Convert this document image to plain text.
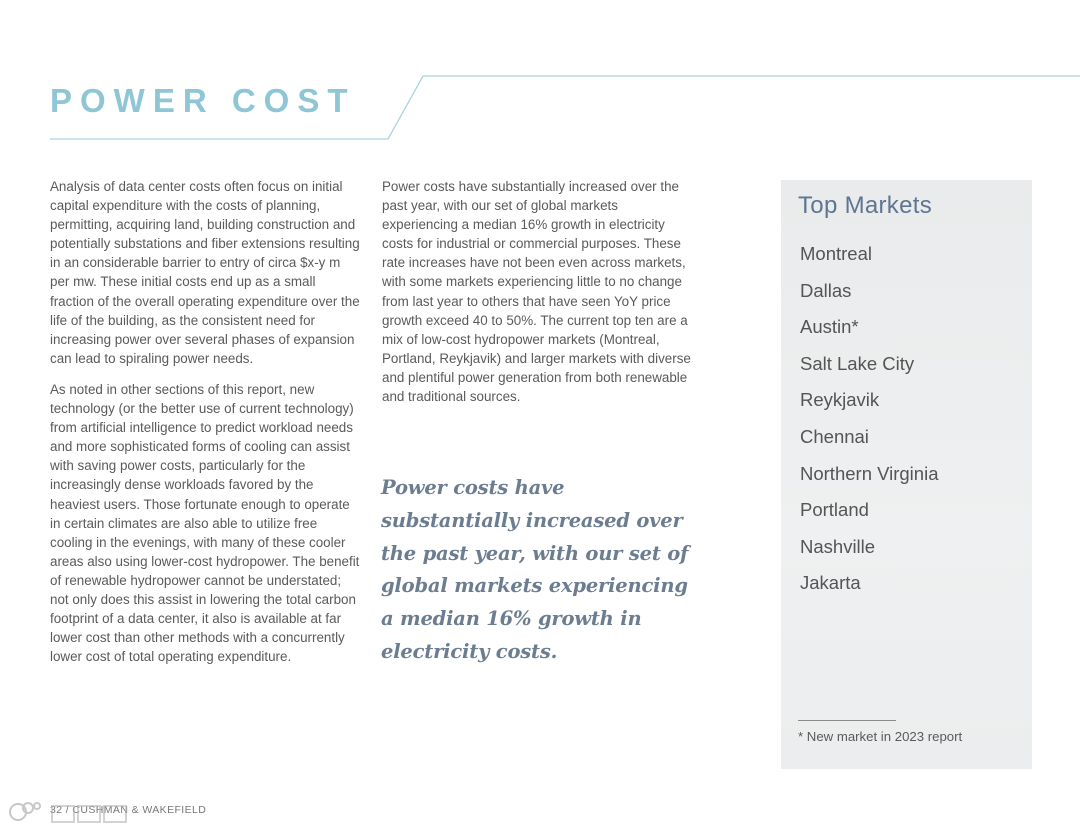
POWER COST

Analysis of data center costs often focus on initial capital expenditure with the costs of planning, permitting, acquiring land, building construction and potentially substations and fiber extensions resulting in an considerable barrier to entry of circa $x-y m per mw. These initial costs end up as a small fraction of the overall operating expenditure over the life of the building, as the consistent need for increasing power over several phases of expansion can lead to spiraling power needs.

As noted in other sections of this report, new technology (or the better use of current technology) from artificial intelligence to predict workload needs and more sophisticated forms of cooling can assist with saving power costs, particularly for the increasingly dense workloads favored by the heaviest users. Those fortunate enough to operate in certain climates are also able to utilize free cooling in the evenings, with many of these cooler areas also using lower-cost hydropower. The benefit of renewable hydropower cannot be understated; not only does this assist in lowering the total carbon footprint of a data center, it also is available at far lower cost than other methods with a concurrently lower cost of total operating expenditure.

Power costs have substantially increased over the past year, with our set of global markets experiencing a median 16% growth in electricity costs for industrial or commercial purposes. These rate increases have not been even across markets, with some markets experiencing little to no change from last year to others that have seen YoY price growth exceed 40 to 50%. The current top ten are a mix of low-cost hydropower markets (Montreal, Portland, Reykjavik) and larger markets with diverse and plentiful power generation from both renewable and traditional sources.

Power costs have substantially increased over the past year, with our set of global markets experiencing a median 16% growth in electricity costs.

Top Markets
Montreal
Dallas
Austin*
Salt Lake City
Reykjavik
Chennai
Northern Virginia
Portland
Nashville
Jakarta
* New market in 2023 report
32 / CUSHMAN & WAKEFIELD
